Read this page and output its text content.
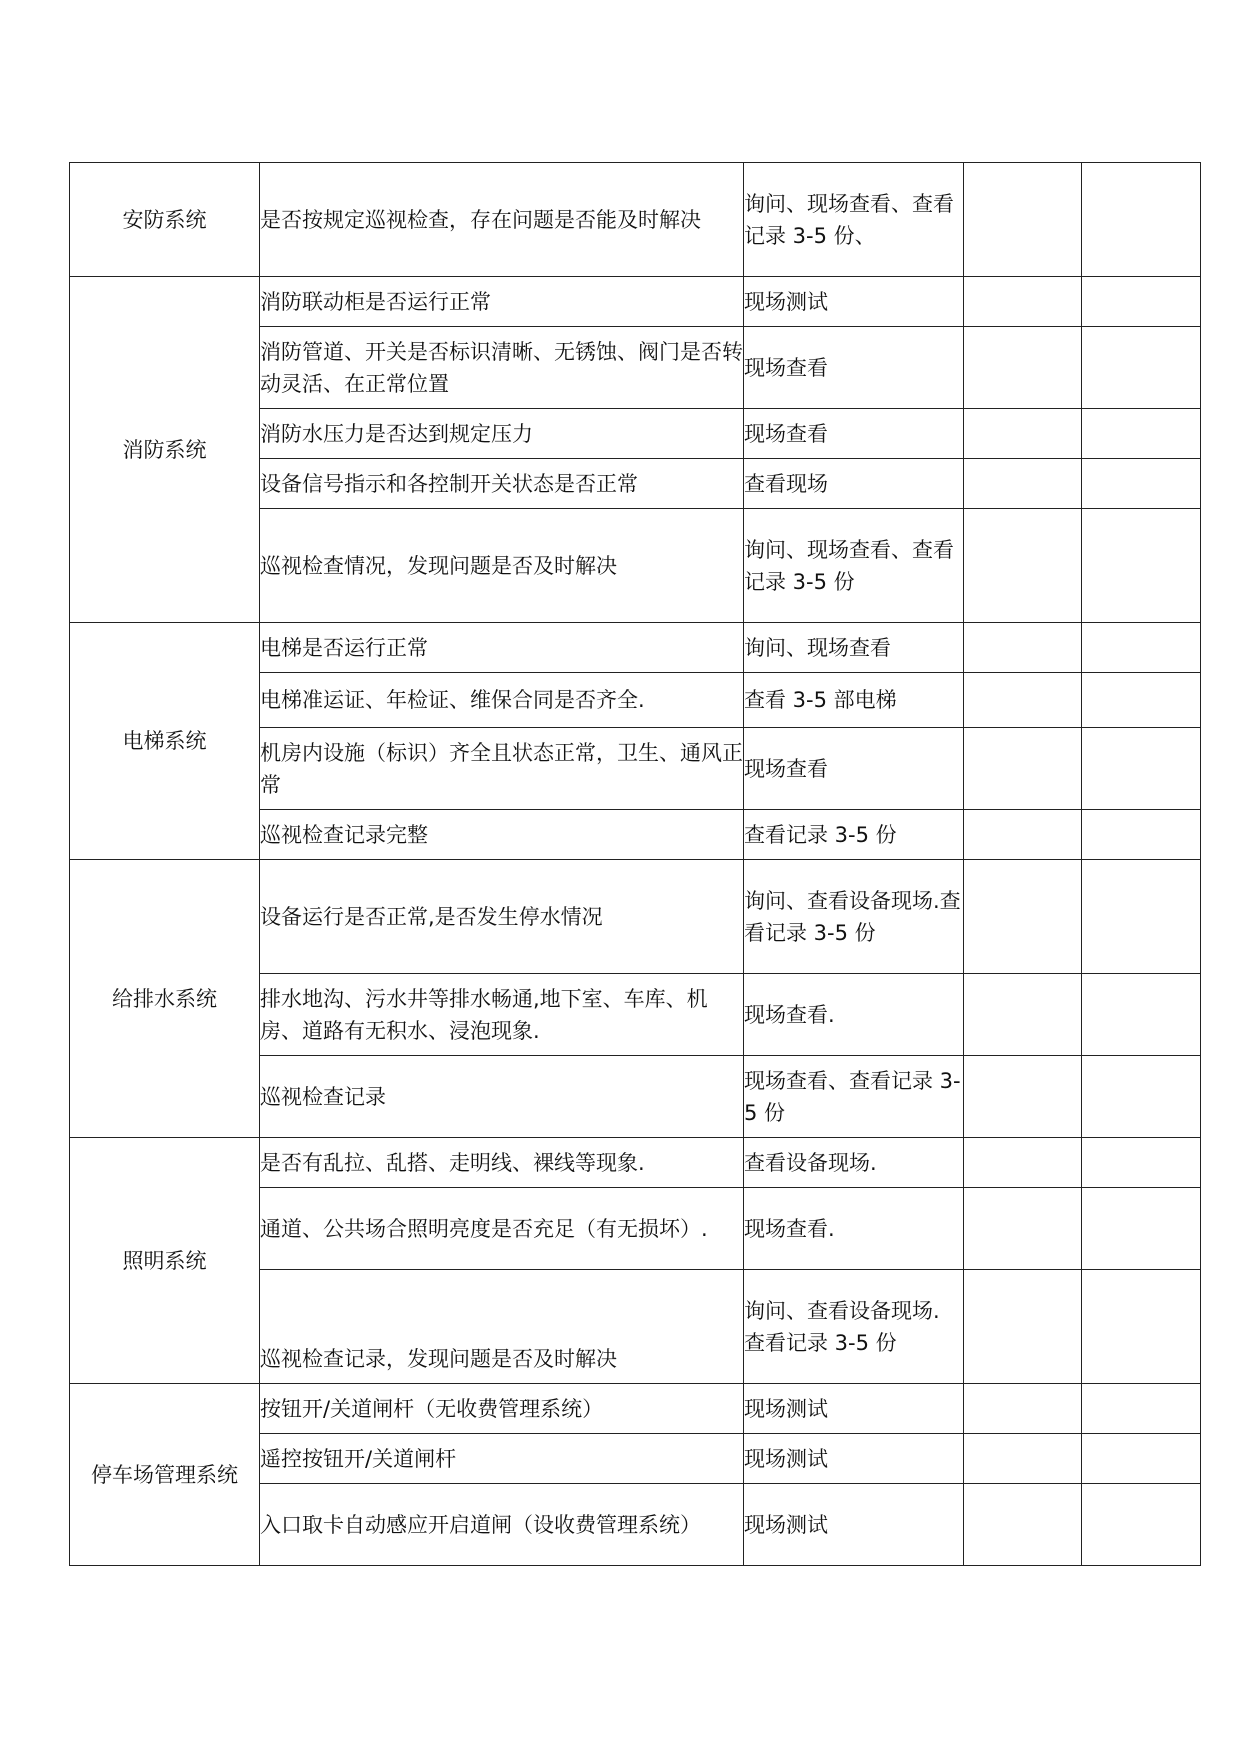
安防系统	是否按规定巡视检查，存在问题是否能及时解决	询问、现场查看、查看记录 3-5 份、		

消防系统	消防联动柜是否运行正常	现场测试		

	消防管道、开关是否标识清晰、无锈蚀、阀门是否转动灵活、在正常位置	现场查看		

	消防水压力是否达到规定压力	现场查看		

	设备信号指示和各控制开关状态是否正常	查看现场		

	巡视检查情况，发现问题是否及时解决	询问、现场查看、查看记录 3-5 份		

电梯系统	电梯是否运行正常	询问、现场查看		

	电梯准运证、年检证、维保合同是否齐全.	查看 3-5 部电梯		

	机房内设施（标识）齐全且状态正常，卫生、通风正常	现场查看		

	巡视检查记录完整	查看记录 3-5 份		

给排水系统	设备运行是否正常,是否发生停水情况	询问、查看设备现场.查看记录 3-5 份		

	排水地沟、污水井等排水畅通,地下室、车库、机房、道路有无积水、浸泡现象.	现场查看.		

	巡视检查记录	现场查看、查看记录 3-5 份		

照明系统	是否有乱拉、乱搭、走明线、裸线等现象.	查看设备现场.		

	通道、公共场合照明亮度是否充足（有无损坏）.	现场查看.		

	巡视检查记录，发现问题是否及时解决	询问、查看设备现场. 查看记录 3-5 份		

停车场管理系统	按钮开/关道闸杆（无收费管理系统）	现场测试		

	遥控按钮开/关道闸杆	现场测试		

	入口取卡自动感应开启道闸（设收费管理系统）	现场测试		
